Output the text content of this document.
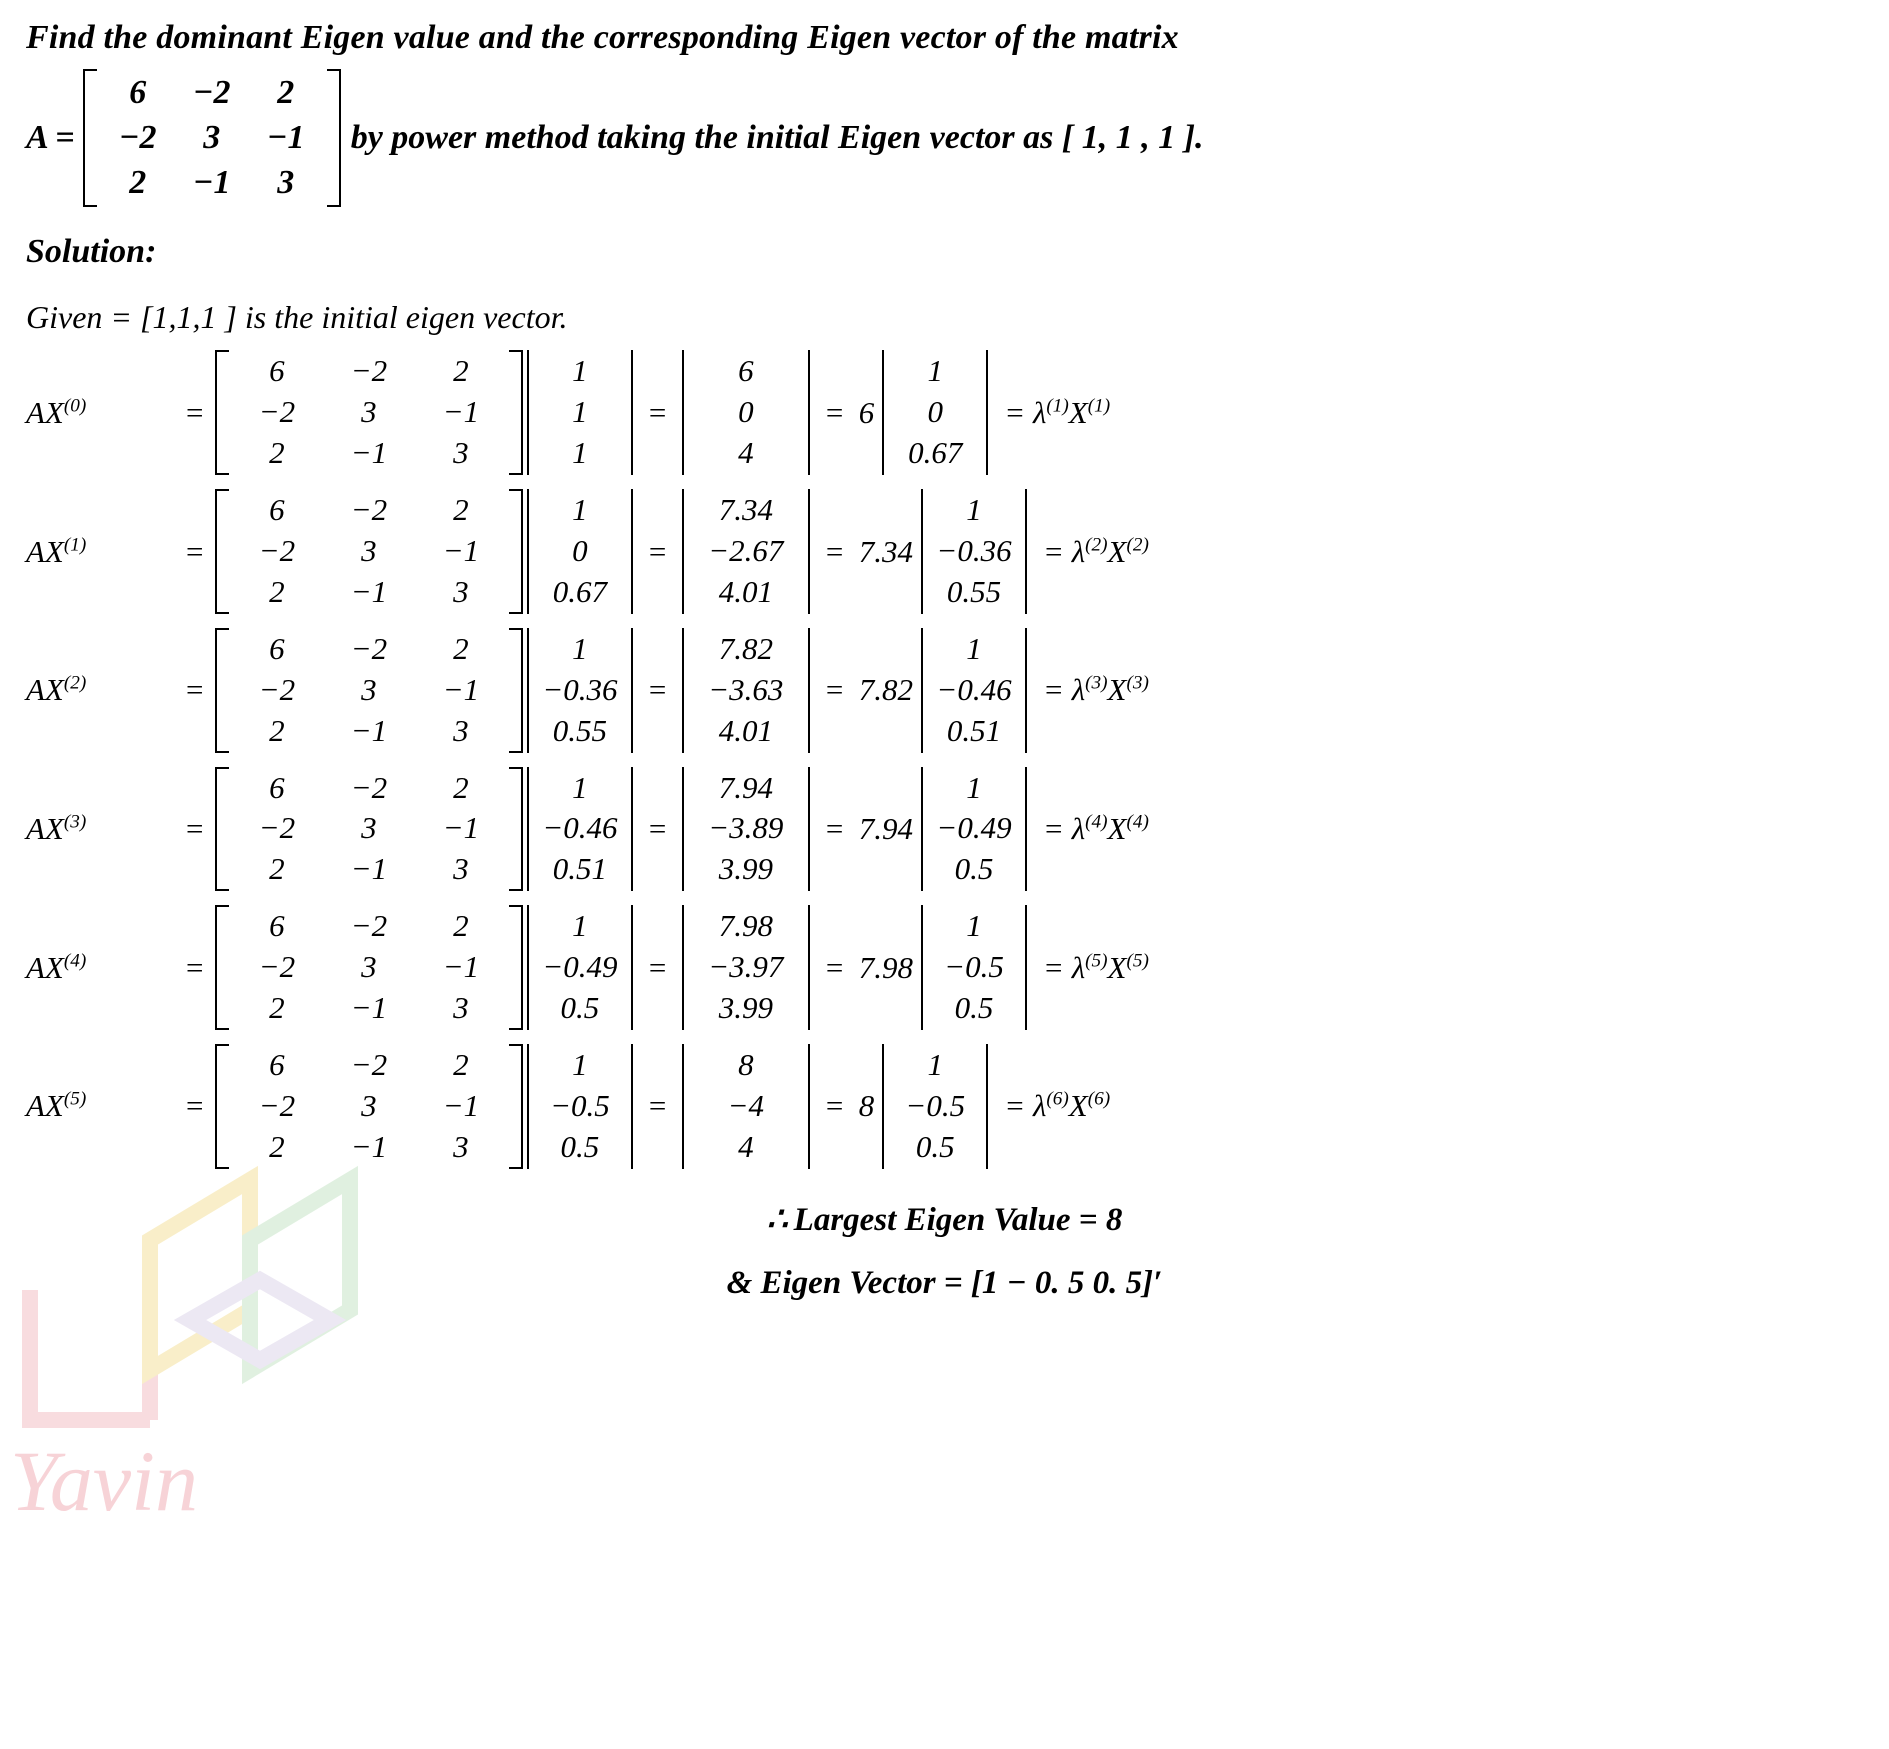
Yavin
Find the dominant Eigen value and the corresponding Eigen vector of the matrix
A =
6	−2	2
−2	3	−1
2	−1	3
by power method taking the initial Eigen vector as [ 1, 1 , 1 ].
Solution:
Given = [1,1,1 ] is the initial eigen vector.
$AX^{(0)}$	=
6	−2	2
−2	3	−1
2	−1	3
1
1
1
=
6
0
4
= 6
1
0
0.67
= $\lambda^{(1)}X^{(1)}$
$AX^{(1)}$	=
6	−2	2
−2	3	−1
2	−1	3
1
0
0.67
=
7.34
−2.67
4.01
= 7.34
1
−0.36
0.55
= $\lambda^{(2)}X^{(2)}$
$AX^{(2)}$	=
6	−2	2
−2	3	−1
2	−1	3
1
−0.36
0.55
=
7.82
−3.63
4.01
= 7.82
1
−0.46
0.51
= $\lambda^{(3)}X^{(3)}$
$AX^{(3)}$	=
6	−2	2
−2	3	−1
2	−1	3
1
−0.46
0.51
=
7.94
−3.89
3.99
= 7.94
1
−0.49
0.5
= $\lambda^{(4)}X^{(4)}$
$AX^{(4)}$	=
6	−2	2
−2	3	−1
2	−1	3
1
−0.49
0.5
=
7.98
−3.97
3.99
= 7.98
1
−0.5
0.5
= $\lambda^{(5)}X^{(5)}$
$AX^{(5)}$	=
6	−2	2
−2	3	−1
2	−1	3
1
−0.5
0.5
=
8
−4
4
= 8
1
−0.5
0.5
= $\lambda^{(6)}X^{(6)}$
∴ Largest Eigen Value = 8
& Eigen Vector = [1 − 0. 5 0. 5]′
